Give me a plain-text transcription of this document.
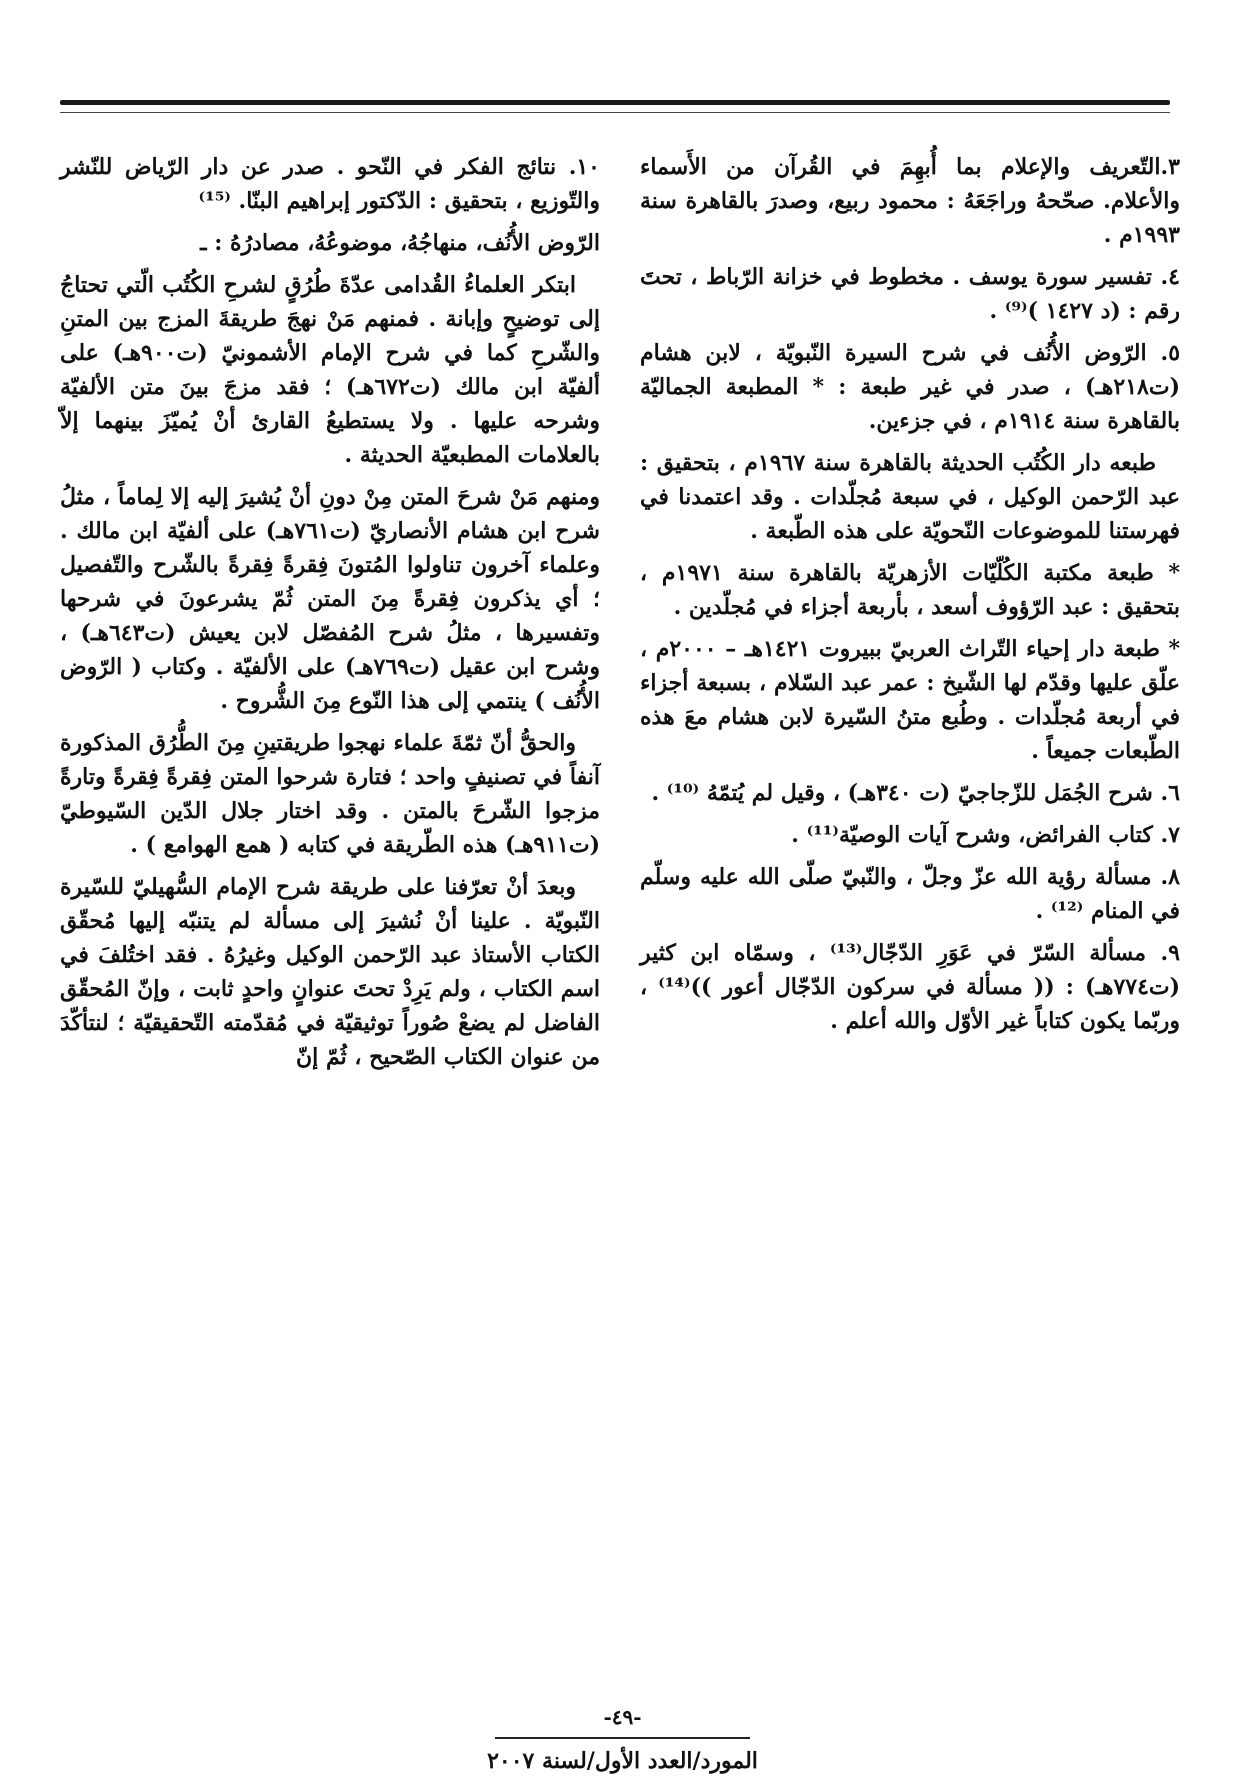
٣.التّعريف والإعلام بما أُبهِمَ في القُرآن من الأَسماء والأعلام. صحّحهُ وراجَعَهُ : محمود ربيع، وصدرَ بالقاهرة سنة ١٩٩٣م .

٤. تفسير سورة يوسف . مخطوط في خزانة الرّباط ، تحتَ رقم : (د ١٤٢٧ )⁽⁹⁾ .

٥. الرّوض الأُنُف في شرح السيرة النّبويّة ، لابن هشام (ت٢١٨هـ) ، صدر في غير طبعة : * المطبعة الجماليّة بالقاهرة سنة ١٩١٤م ، في جزءين.

طبعه دار الكُتُب الحديثة بالقاهرة سنة ١٩٦٧م ، بتحقيق : عبد الرّحمن الوكيل ، في سبعة مُجلّدات . وقد اعتمدنا في فهرستنا للموضوعات النّحويّة على هذه الطّبعة .

* طبعة مكتبة الكُلّيّات الأزهريّة بالقاهرة سنة ١٩٧١م ، بتحقيق : عبد الرّؤوف أسعد ، بأربعة أجزاء في مُجلّدين .

* طبعة دار إحياء التّراث العربيّ ببيروت ١٤٢١هـ – ٢٠٠٠م ، علّق عليها وقدّم لها الشّيخ : عمر عبد السّلام ، بسبعة أجزاء في أربعة مُجلّدات . وطُبع متنُ السّيرة لابن هشام معَ هذه الطّبعات جميعاً .

٦. شرح الجُمَل للزّجاجيّ (ت ٣٤٠هـ) ، وقيل لم يُتمّهُ ⁽¹⁰⁾ .

٧. كتاب الفرائض، وشرح آيات الوصيّة⁽¹¹⁾ .

٨. مسألة رؤية الله عزّ وجلّ ، والنّبيّ صلّى الله عليه وسلّم في المنام ⁽¹²⁾ .

٩. مسألة السّرّ في عَوَرِ الدّجّال⁽¹³⁾ ، وسمّاه ابن كثير (ت٧٧٤هـ) : (( مسألة في سركون الدّجّال أعور ))⁽¹⁴⁾ ، وربّما يكون كتاباً غير الأوّل والله أعلم .

١٠. نتائج الفكر في النّحو . صدر عن دار الرّياض للنّشر والتّوزيع ، بتحقيق : الدّكتور إبراهيم البنّا. ⁽¹⁵⁾

الرّوض الأُنُف، منهاجُهُ، موضوعُهُ، مصادرُهُ : ـ

ابتكر العلماءُ القُدامى عدّةَ طُرُقٍ لشرحِ الكُتُب الّتي تحتاجُ إلى توضيحٍ وإبانة . فمنهم مَنْ نهجَ طريقةَ المزج بين المتنِ والشّرحِ كما في شرح الإمام الأشمونيّ (ت٩٠٠هـ) على ألفيّة ابن مالك (ت٦٧٢هـ) ؛ فقد مزجَ بينَ متن الألفيّة وشرحه عليها . ولا يستطيعُ القارئ أنْ يُميّزَ بينهما إلاّ بالعلامات المطبعيّة الحديثة .

ومنهم مَنْ شرحَ المتن مِنْ دونِ أنْ يُشيرَ إليه إلا لِماماً ، مثلُ شرح ابن هشام الأنصاريّ (ت٧٦١هـ) على ألفيّة ابن مالك . وعلماء آخرون تناولوا المُتونَ فِقرةً فِقرةً بالشّرح والتّفصيل ؛ أي يذكرون فِقرةً مِنَ المتن ثُمّ يشرعونَ في شرحها وتفسيرها ، مثلُ شرح المُفصّل لابن يعيش (ت٦٤٣هـ) ، وشرح ابن عقيل (ت٧٦٩هـ) على الألفيّة . وكتاب ( الرّوض الأُنُف ) ينتمي إلى هذا النّوع مِنَ الشُّروح .

والحقُّ أنّ ثمّةَ علماء نهجوا طريقتينِ مِنَ الطُّرُق المذكورة آنفاً في تصنيفٍ واحد ؛ فتارة شرحوا المتن فِقرةً فِقرةً وتارةً مزجوا الشّرحَ بالمتن . وقد اختار جلال الدّين السّيوطيّ (ت٩١١هـ) هذه الطّريقة في كتابه ( همع الهوامع ) .

وبعدَ أنْ تعرّفنا على طريقة شرح الإمام السُّهيليّ للسّيرة النّبويّة . علينا أنْ نُشيرَ إلى مسألة لم يتنبّه إليها مُحقّق الكتاب الأستاذ عبد الرّحمن الوكيل وغيرُهُ . فقد اختُلفَ في اسم الكتاب ، ولم يَرِدْ تحتَ عنوانٍ واحدٍ ثابت ، وإنّ المُحقّق الفاضل لم يضعْ صُوراً توثيقيّة في مُقدّمته التّحقيقيّة ؛ لنتأكّدَ من عنوان الكتاب الصّحيح ، ثُمّ إنّ

-٤٩-
المورد/العدد الأول/لسنة ٢٠٠٧
